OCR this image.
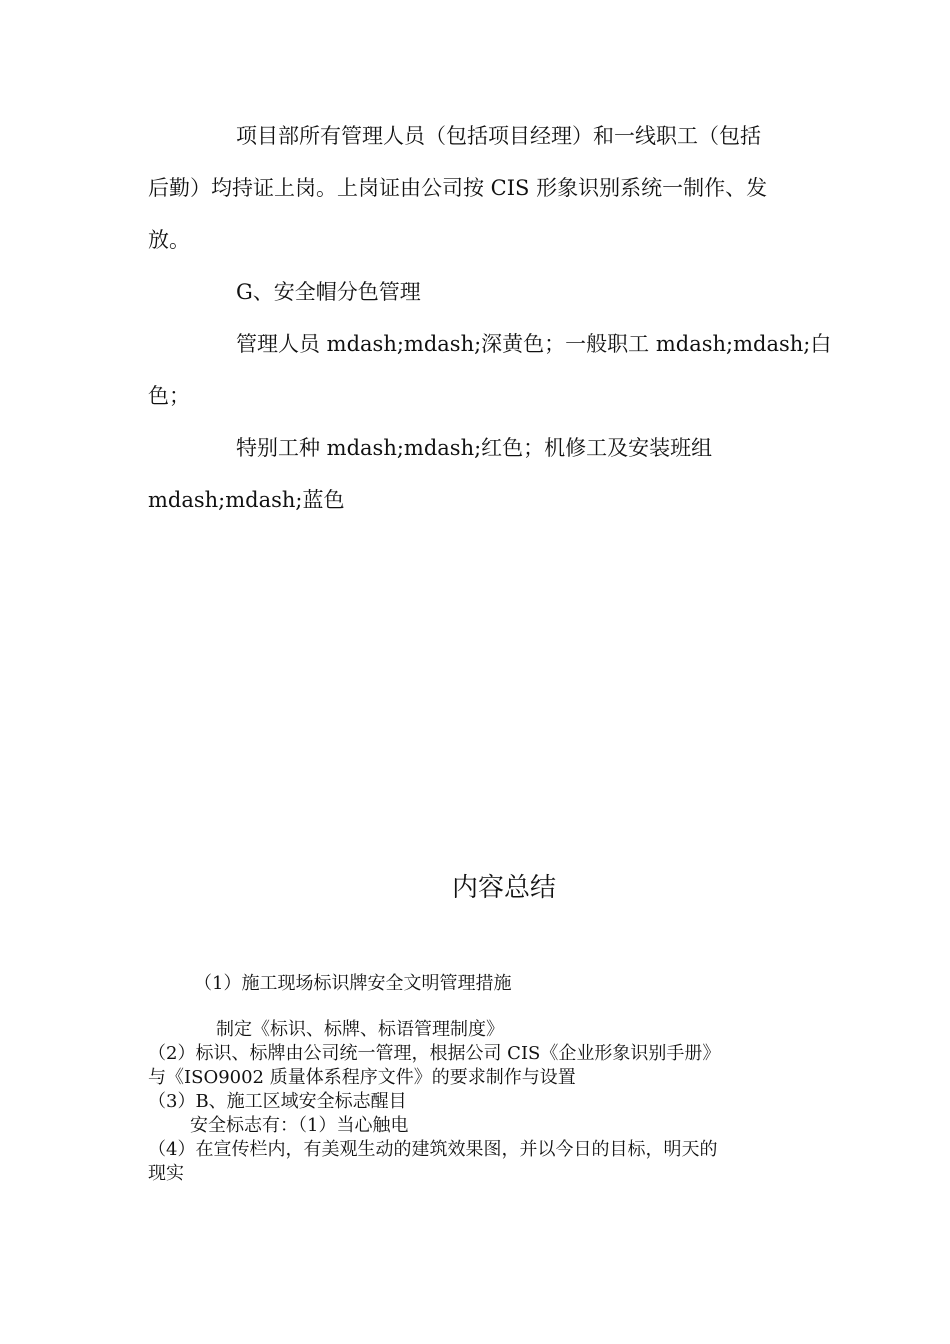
项目部所有管理人员（包括项目经理）和一线职工（包括
后勤）均持证上岗。上岗证由公司按 CIS 形象识别系统一制作、发
放。
G、安全帽分色管理
管理人员 mdash;mdash;深黄色；一般职工 mdash;mdash;白
色；
特别工种 mdash;mdash;红色；机修工及安装班组
mdash;mdash;蓝色
内容总结
（1）施工现场标识牌安全文明管理措施
制定《标识、标牌、标语管理制度》
（2）标识、标牌由公司统一管理，根据公司 CIS《企业形象识别手册》
与《ISO9002 质量体系程序文件》的要求制作与设置
（3）B、施工区域安全标志醒目
安全标志有：（1）当心触电
（4）在宣传栏内，有美观生动的建筑效果图，并以今日的目标，明天的
现实
